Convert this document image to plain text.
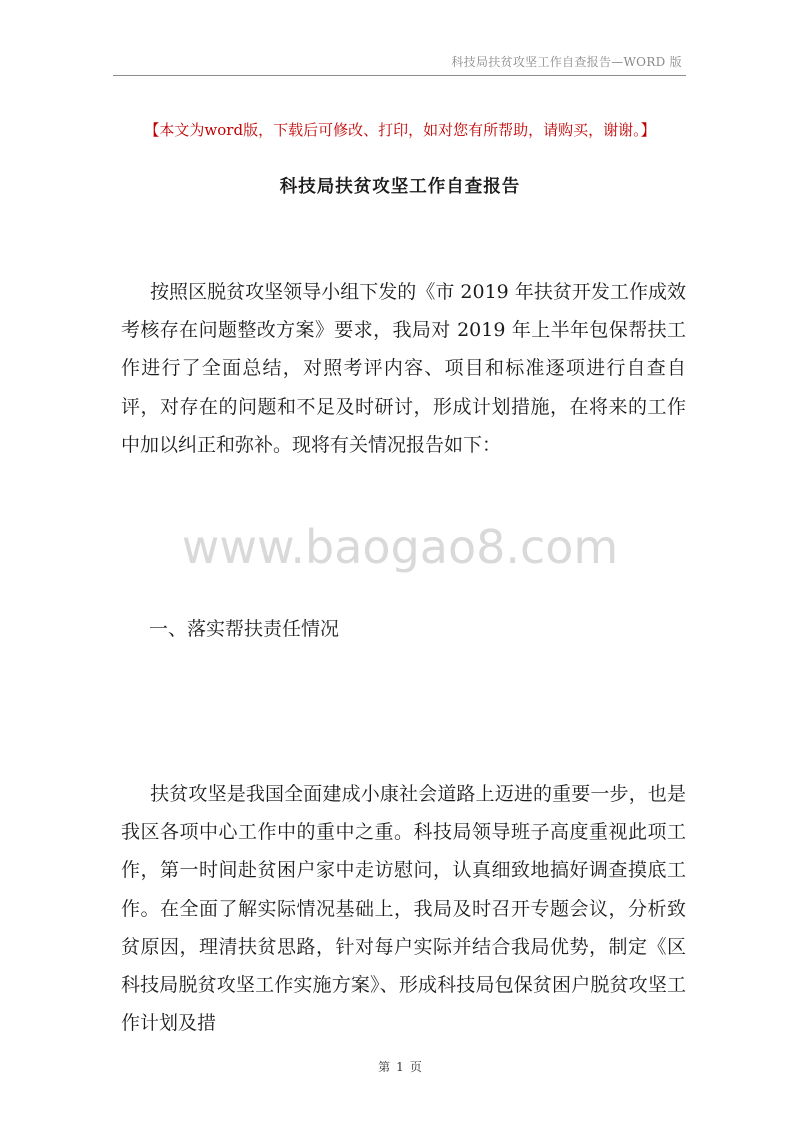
科技局扶贫攻坚工作自查报告—WORD 版
【本文为word版，下载后可修改、打印，如对您有所帮助，请购买，谢谢。】
科技局扶贫攻坚工作自查报告

按照区脱贫攻坚领导小组下发的《市 2019 年扶贫开发工作成效考核存在问题整改方案》要求，我局对 2019 年上半年包保帮扶工作进行了全面总结，对照考评内容、项目和标准逐项进行自查自评，对存在的问题和不足及时研讨，形成计划措施，在将来的工作中加以纠正和弥补。现将有关情况报告如下：

www.baogao8.com

一、落实帮扶责任情况

扶贫攻坚是我国全面建成小康社会道路上迈进的重要一步，也是我区各项中心工作中的重中之重。科技局领导班子高度重视此项工作，第一时间赴贫困户家中走访慰问，认真细致地搞好调查摸底工作。在全面了解实际情况基础上，我局及时召开专题会议，分析致贫原因，理清扶贫思路，针对每户实际并结合我局优势，制定《区科技局脱贫攻坚工作实施方案》、形成科技局包保贫困户脱贫攻坚工作计划及措

第 1 页
